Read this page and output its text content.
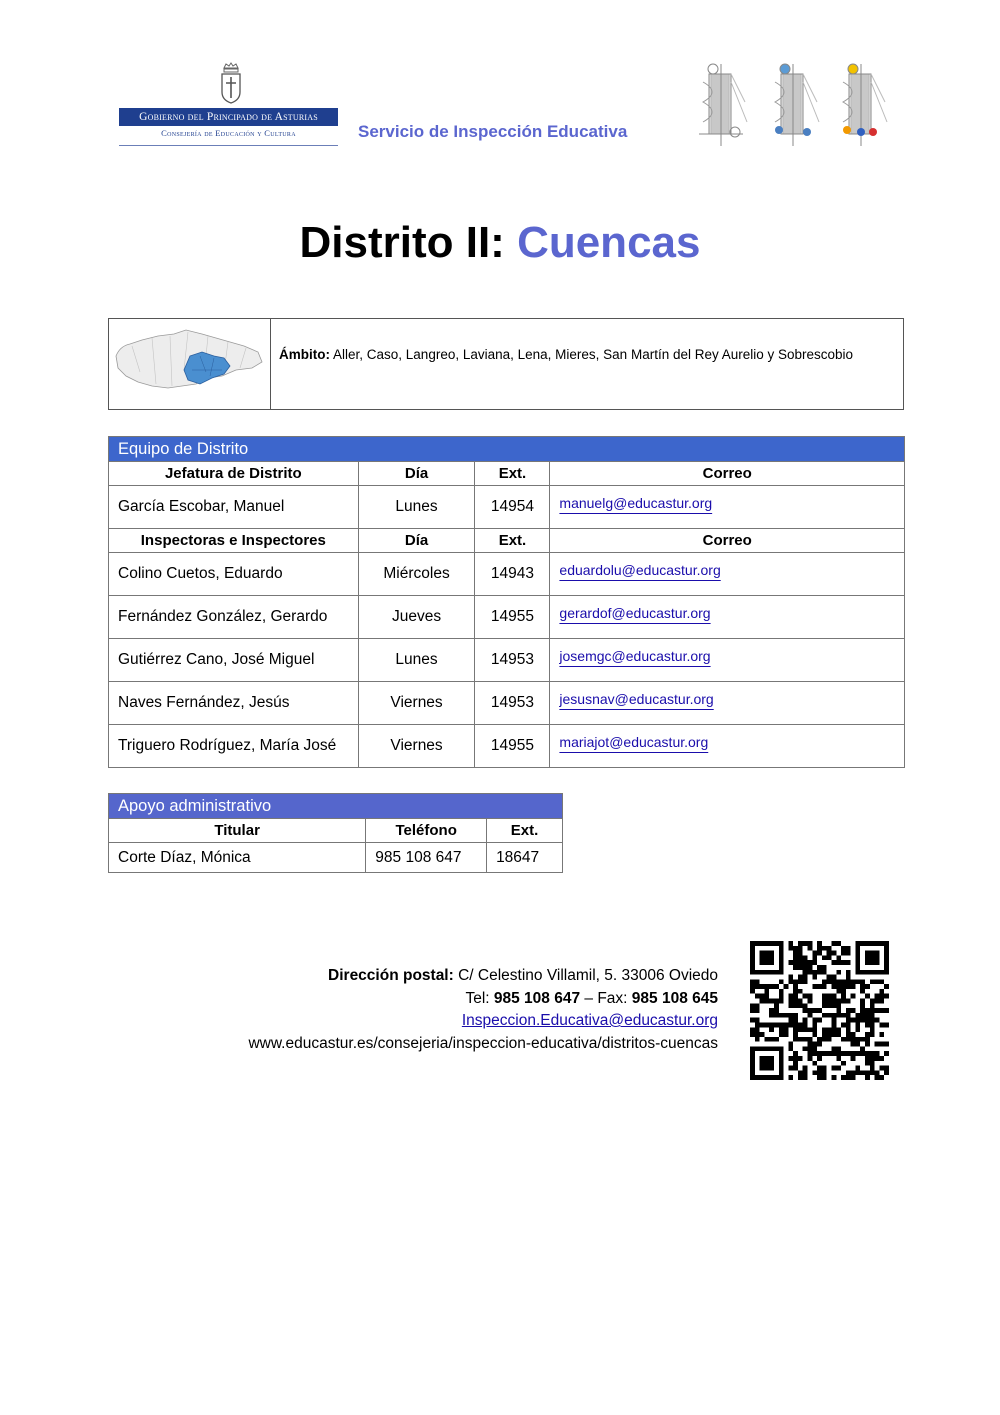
Gobierno del Principado de Asturias
Consejería de Educación y Cultura	Servicio de Inspección Educativa
Distrito II: Cuencas
Ámbito: Aller, Caso, Langreo, Laviana, Lena, Mieres, San Martín del Rey Aurelio y Sobrescobio
Equipo de Distrito			
Jefatura de Distrito	Día	Ext.	Correo
García Escobar, Manuel	Lunes	14954	manuelg@educastur.org
Inspectoras e Inspectores	Día	Ext.	Correo
Colino Cuetos, Eduardo	Miércoles	14943	eduardolu@educastur.org
Fernández González, Gerardo	Jueves	14955	gerardof@educastur.org
Gutiérrez Cano, José Miguel	Lunes	14953	josemgc@educastur.org
Naves Fernández, Jesús	Viernes	14953	jesusnav@educastur.org
Triguero Rodríguez, María José	Viernes	14955	mariajot@educastur.org
Apoyo administrativo		
Titular	Teléfono	Ext.
Corte Díaz, Mónica	985 108 647	18647
Dirección postal: C/ Celestino Villamil, 5. 33006 Oviedo
Tel: 985 108 647 – Fax: 985 108 645
Inspeccion.Educativa@educastur.org
www.educastur.es/consejeria/inspeccion-educativa/distritos-cuencas
